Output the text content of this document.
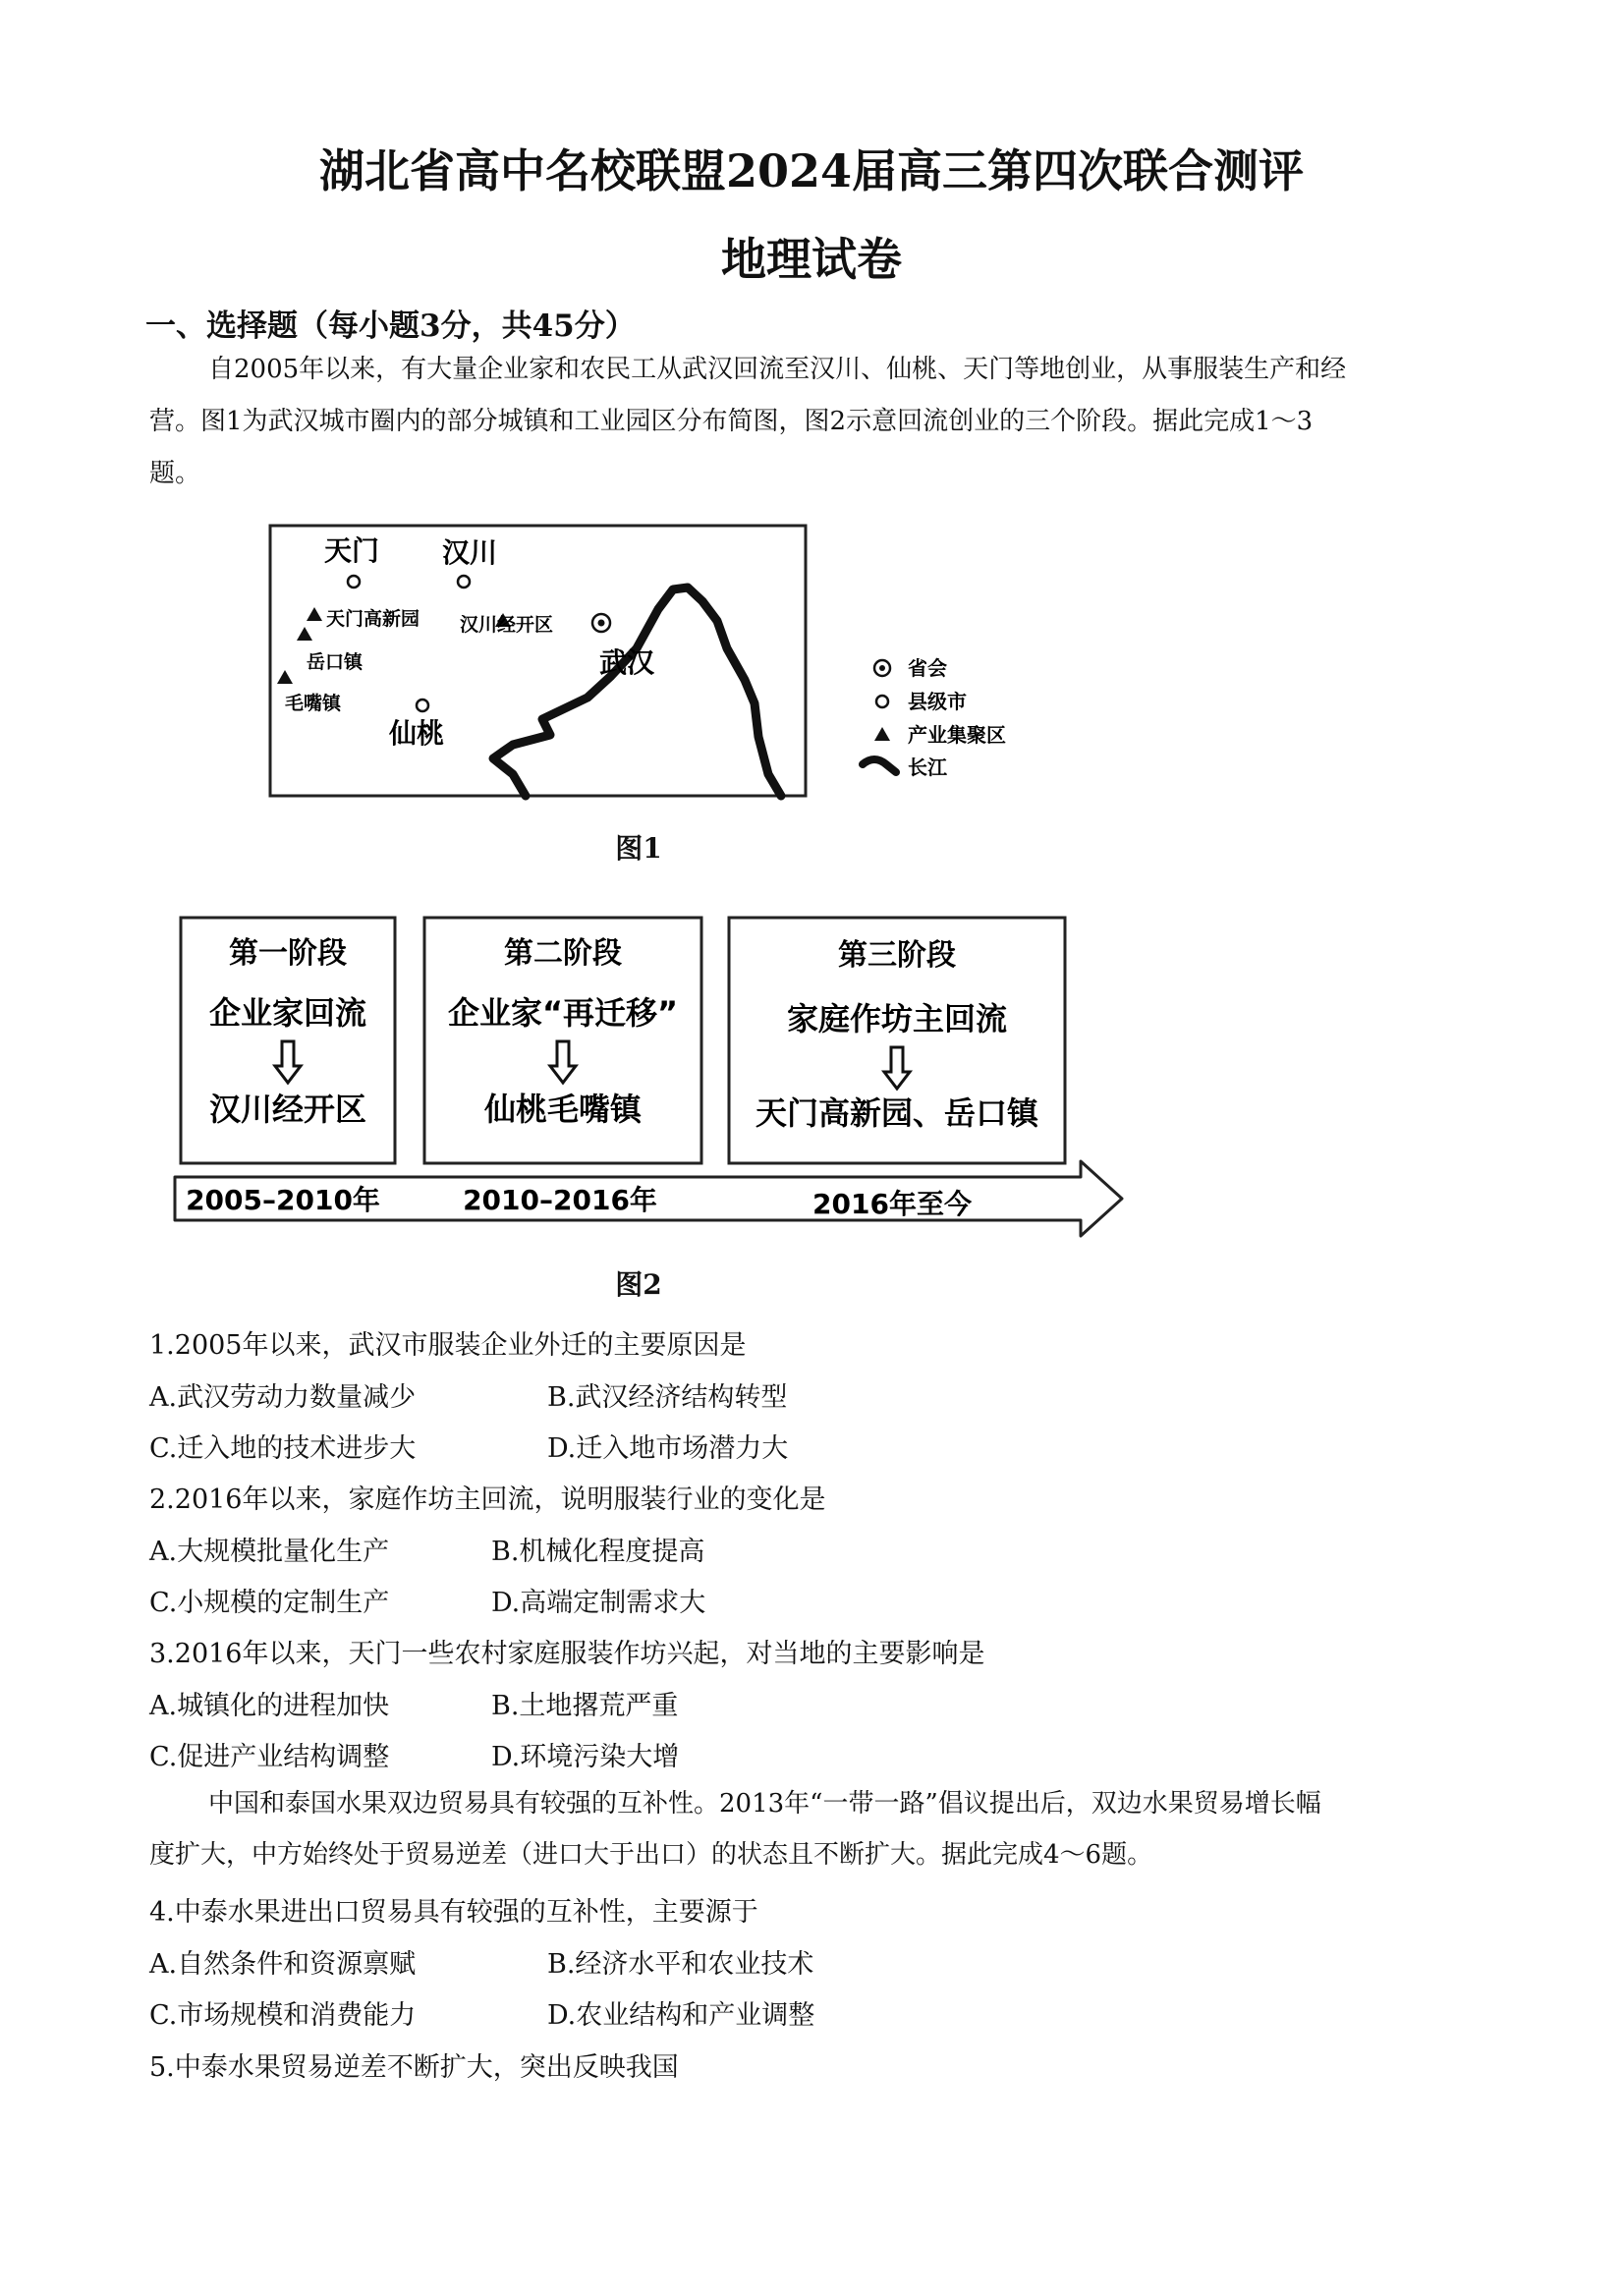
湖北省高中名校联盟2024届高三第四次联合测评
地理试卷
一、选择题（每小题3分，共45分）
自2005年以来，有大量企业家和农民工从武汉回流至汉川、仙桃、天门等地创业，从事服装生产和经
营。图1为武汉城市圈内的部分城镇和工业园区分布简图，图2示意回流创业的三个阶段。据此完成1～3
题。
天门 汉川
天门高新园 汉川经开区
岳口镇
毛嘴镇
仙桃
武汉	省会
县级市
产业集聚区
长江
图1
第一阶段
企业家回流
汉川经开区
第二阶段
企业家“再迁移”
仙桃毛嘴镇
第三阶段
家庭作坊主回流
天门高新园、岳口镇
2005–2010年	2010–2016年	2016年至今
图2
1.2005年以来，武汉市服装企业外迁的主要原因是
A.武汉劳动力数量减少	B.武汉经济结构转型
C.迁入地的技术进步大	D.迁入地市场潜力大
2.2016年以来，家庭作坊主回流，说明服装行业的变化是
A.大规模批量化生产	B.机械化程度提高
C.小规模的定制生产	D.高端定制需求大
3.2016年以来，天门一些农村家庭服装作坊兴起，对当地的主要影响是
A.城镇化的进程加快	B.土地撂荒严重
C.促进产业结构调整	D.环境污染大增
中国和泰国水果双边贸易具有较强的互补性。2013年“一带一路”倡议提出后，双边水果贸易增长幅
度扩大，中方始终处于贸易逆差（进口大于出口）的状态且不断扩大。据此完成4～6题。
4.中泰水果进出口贸易具有较强的互补性，主要源于
A.自然条件和资源禀赋	B.经济水平和农业技术
C.市场规模和消费能力	D.农业结构和产业调整
5.中泰水果贸易逆差不断扩大，突出反映我国
